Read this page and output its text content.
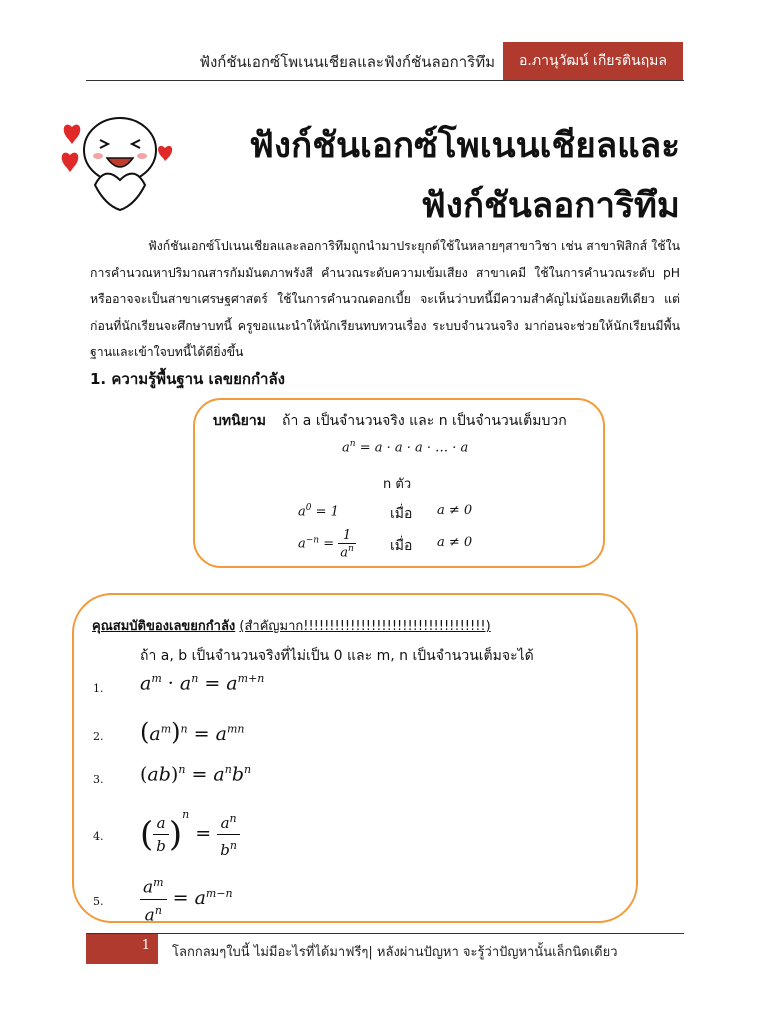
ฟังก์ชันเอกซ์โพเนนเชียลและฟังก์ชันลอการิทึม	อ.ภานุวัฒน์ เกียรตินฤมล
ฟังก์ชันเอกซ์โพเนนเชียลและ
ฟังก์ชันลอการิทึม
ฟังก์ชันเอกซ์โปเนนเชียลและลอการิทึมถูกนำมาประยุกต์ใช้ในหลายๆสาขาวิชา เช่น สาขาฟิสิกส์ ใช้ในการคำนวณหาปริมาณสารกัมมันตภาพรังสี คำนวณระดับความเข้มเสียง สาขาเคมี ใช้ในการคำนวณระดับ pH หรืออาจจะเป็นสาขาเศรษฐศาสตร์ ใช้ในการคำนวณดอกเบี้ย จะเห็นว่าบทนี้มีความสำคัญไม่น้อยเลยทีเดียว แต่ก่อนที่นักเรียนจะศึกษาบทนี้ ครูขอแนะนำให้นักเรียนทบทวนเรื่อง ระบบจำนวนจริง มาก่อนจะช่วยให้นักเรียนมีพื้นฐานและเข้าใจบทนี้ได้ดียิ่งขึ้น
1. ความรู้พื้นฐาน เลขยกกำลัง
บทนิยาม ถ้า a เป็นจำนวนจริง และ n เป็นจำนวนเต็มบวก
$a^n = a \cdot a \cdot a$ · … · a
n ตัว
$a^0 = 1$	เมื่อ a ≠ 0
$a^{-n} = \frac{1}{a^n}$ เมื่อ a ≠ 0
คุณสมบัติของเลขยกกำลัง (สำคัญมาก!!!!!!!!!!!!!!!!!!!!!!!!!!!!!!!!!!!)
ถ้า a, b เป็นจำนวนจริงที่ไม่เป็น 0 และ m, n เป็นจำนวนเต็มจะได้
1. $a^m \cdot a^n = a^{m+n}$
2. $(a^m)^n = a^{mn}$
3. $(ab)^n = a^nb^n$
4. ( $\frac{a}{b} )^n = \frac{a^n}{b^n}$
5. $\frac{a^m}{a^n} = a^{m-n}$
1	โลกกลมๆใบนี้ ไม่มีอะไรที่ได้มาฟรีๆ| หลังผ่านปัญหา จะรู้ว่าปัญหานั้นเล็กนิดเดียว
